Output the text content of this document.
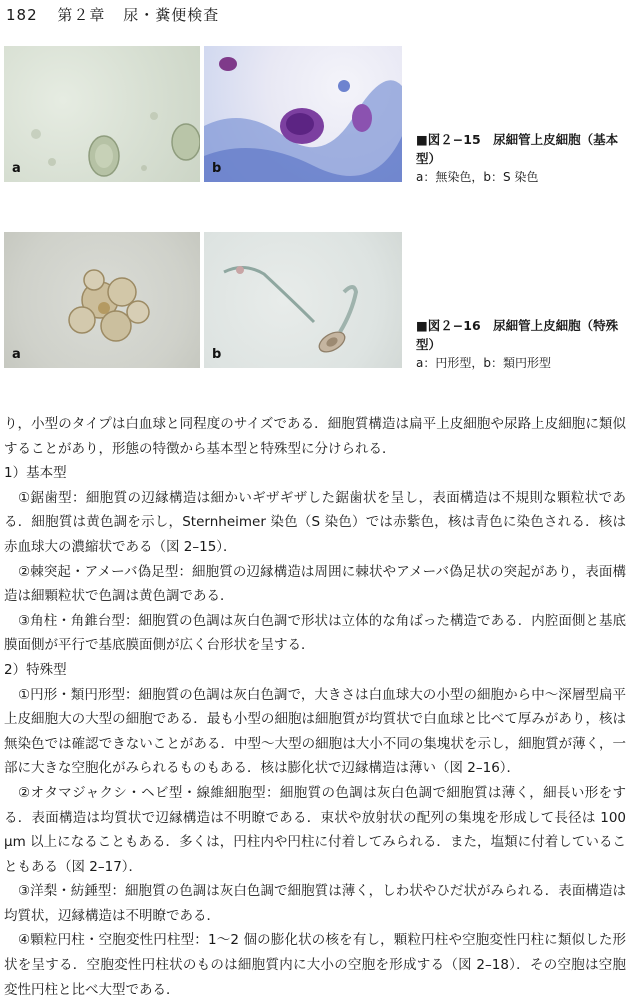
182 第２章 尿・糞便検査
a	b
■図２−15　尿細管上皮細胞（基本型）
a：無染色，b：S 染色
a	b
■図２−16　尿細管上皮細胞（特殊型）
a：円形型，b：類円形型

り，小型のタイプは白血球と同程度のサイズである．細胞質構造は扁平上皮細胞や尿路上皮細胞に類似することがあり，形態の特徴から基本型と特殊型に分けられる．

1）基本型

①鋸歯型：細胞質の辺縁構造は細かいギザギザした鋸歯状を呈し，表面構造は不規則な顆粒状である．細胞質は黄色調を示し，Sternheimer 染色（S 染色）では赤紫色，核は青色に染色される．核は赤血球大の濃縮状である（図 2–15）．

②棘突起・アメーバ偽足型：細胞質の辺縁構造は周囲に棘状やアメーバ偽足状の突起があり，表面構造は細顆粒状で色調は黄色調である．

③角柱・角錐台型：細胞質の色調は灰白色調で形状は立体的な角ばった構造である．内腔面側と基底膜面側が平行で基底膜面側が広く台形状を呈する．

2）特殊型

①円形・類円形型：細胞質の色調は灰白色調で，大きさは白血球大の小型の細胞から中〜深層型扁平上皮細胞大の大型の細胞である．最も小型の細胞は細胞質が均質状で白血球と比べて厚みがあり，核は無染色では確認できないことがある．中型〜大型の細胞は大小不同の集塊状を示し，細胞質が薄く，一部に大きな空胞化がみられるものもある．核は膨化状で辺縁構造は薄い（図 2–16）．

②オタマジャクシ・ヘビ型・線維細胞型：細胞質の色調は灰白色調で細胞質は薄く，細長い形をする．表面構造は均質状で辺縁構造は不明瞭である．束状や放射状の配列の集塊を形成して長径は 100 μm 以上になることもある．多くは，円柱内や円柱に付着してみられる．また，塩類に付着していることもある（図 2–17）．

③洋梨・紡錘型：細胞質の色調は灰白色調で細胞質は薄く，しわ状やひだ状がみられる．表面構造は均質状，辺縁構造は不明瞭である．

④顆粒円柱・空胞変性円柱型：1〜2 個の膨化状の核を有し，顆粒円柱や空胞変性円柱に類似した形状を呈する．空胞変性円柱状のものは細胞質内に大小の空胞を形成する（図 2–18）．その空胞は空胞変性円柱と比べ大型である．
